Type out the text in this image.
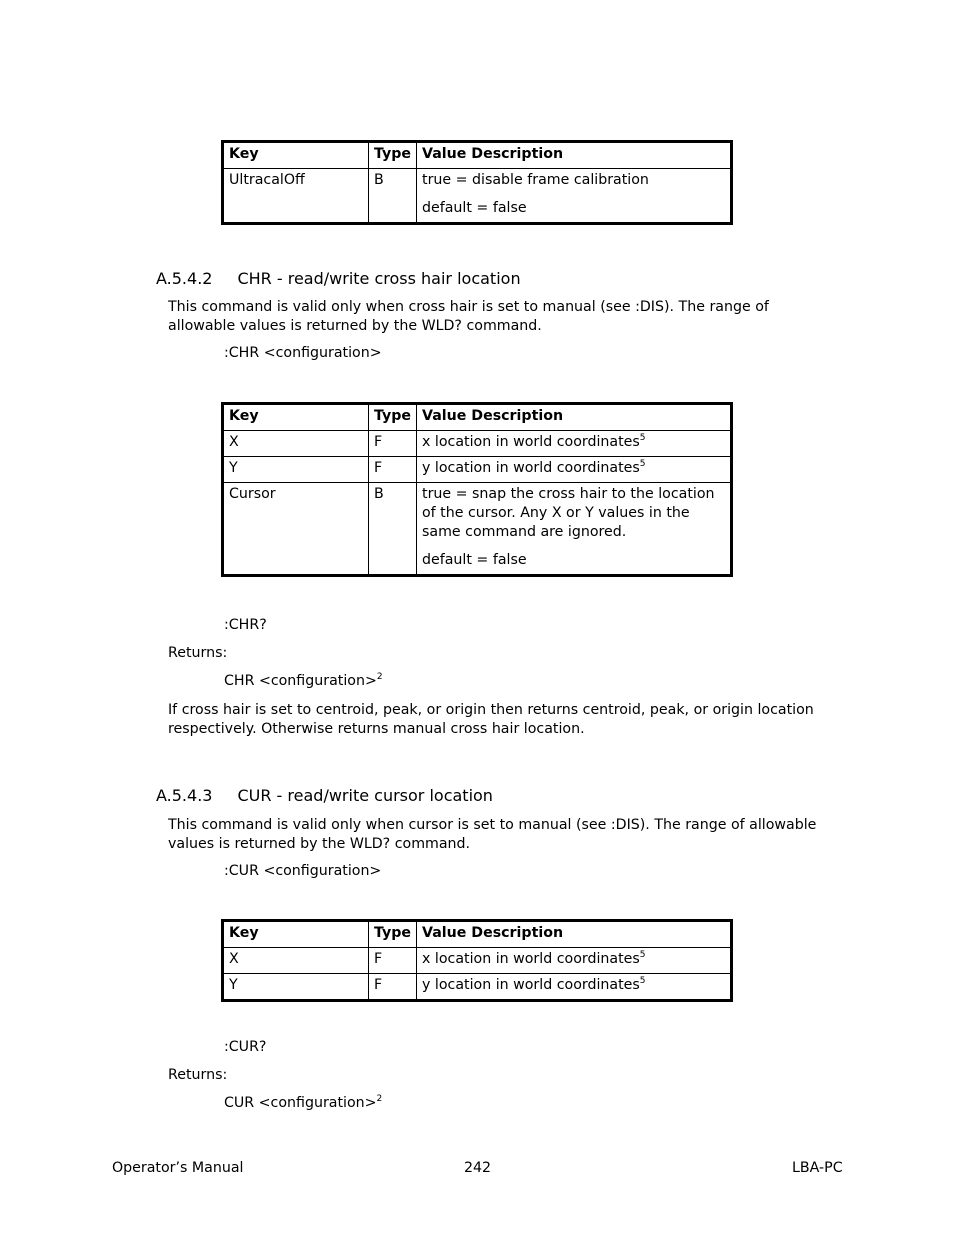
Key	Type	Value Description
UltracalOff	B	true = disable frame calibration

default = false

A.5.4.2 CHR - read/write cross hair location
This command is valid only when cross hair is set to manual (see :DIS). The range of allowable values is returned by the WLD? command.
:CHR <configuration>
Key	Type	Value Description
X	F	x location in world coordinates$^5$
Y	F	y location in world coordinates$^5$
Cursor	B	true = snap the cross hair to the location of the cursor. Any X or Y values in the same command are ignored.

default = false

:CHR?
Returns:
CHR <configuration>$^2$
If cross hair is set to centroid, peak, or origin then returns centroid, peak, or origin location respectively. Otherwise returns manual cross hair location.
A.5.4.3 CUR - read/write cursor location
This command is valid only when cursor is set to manual (see :DIS). The range of allowable values is returned by the WLD? command.
:CUR <configuration>
Key	Type	Value Description
X	F	x location in world coordinates$^5$
Y	F	y location in world coordinates$^5$
:CUR?
Returns:
CUR <configuration>$^2$
Operator’s Manual	242	LBA-PC
